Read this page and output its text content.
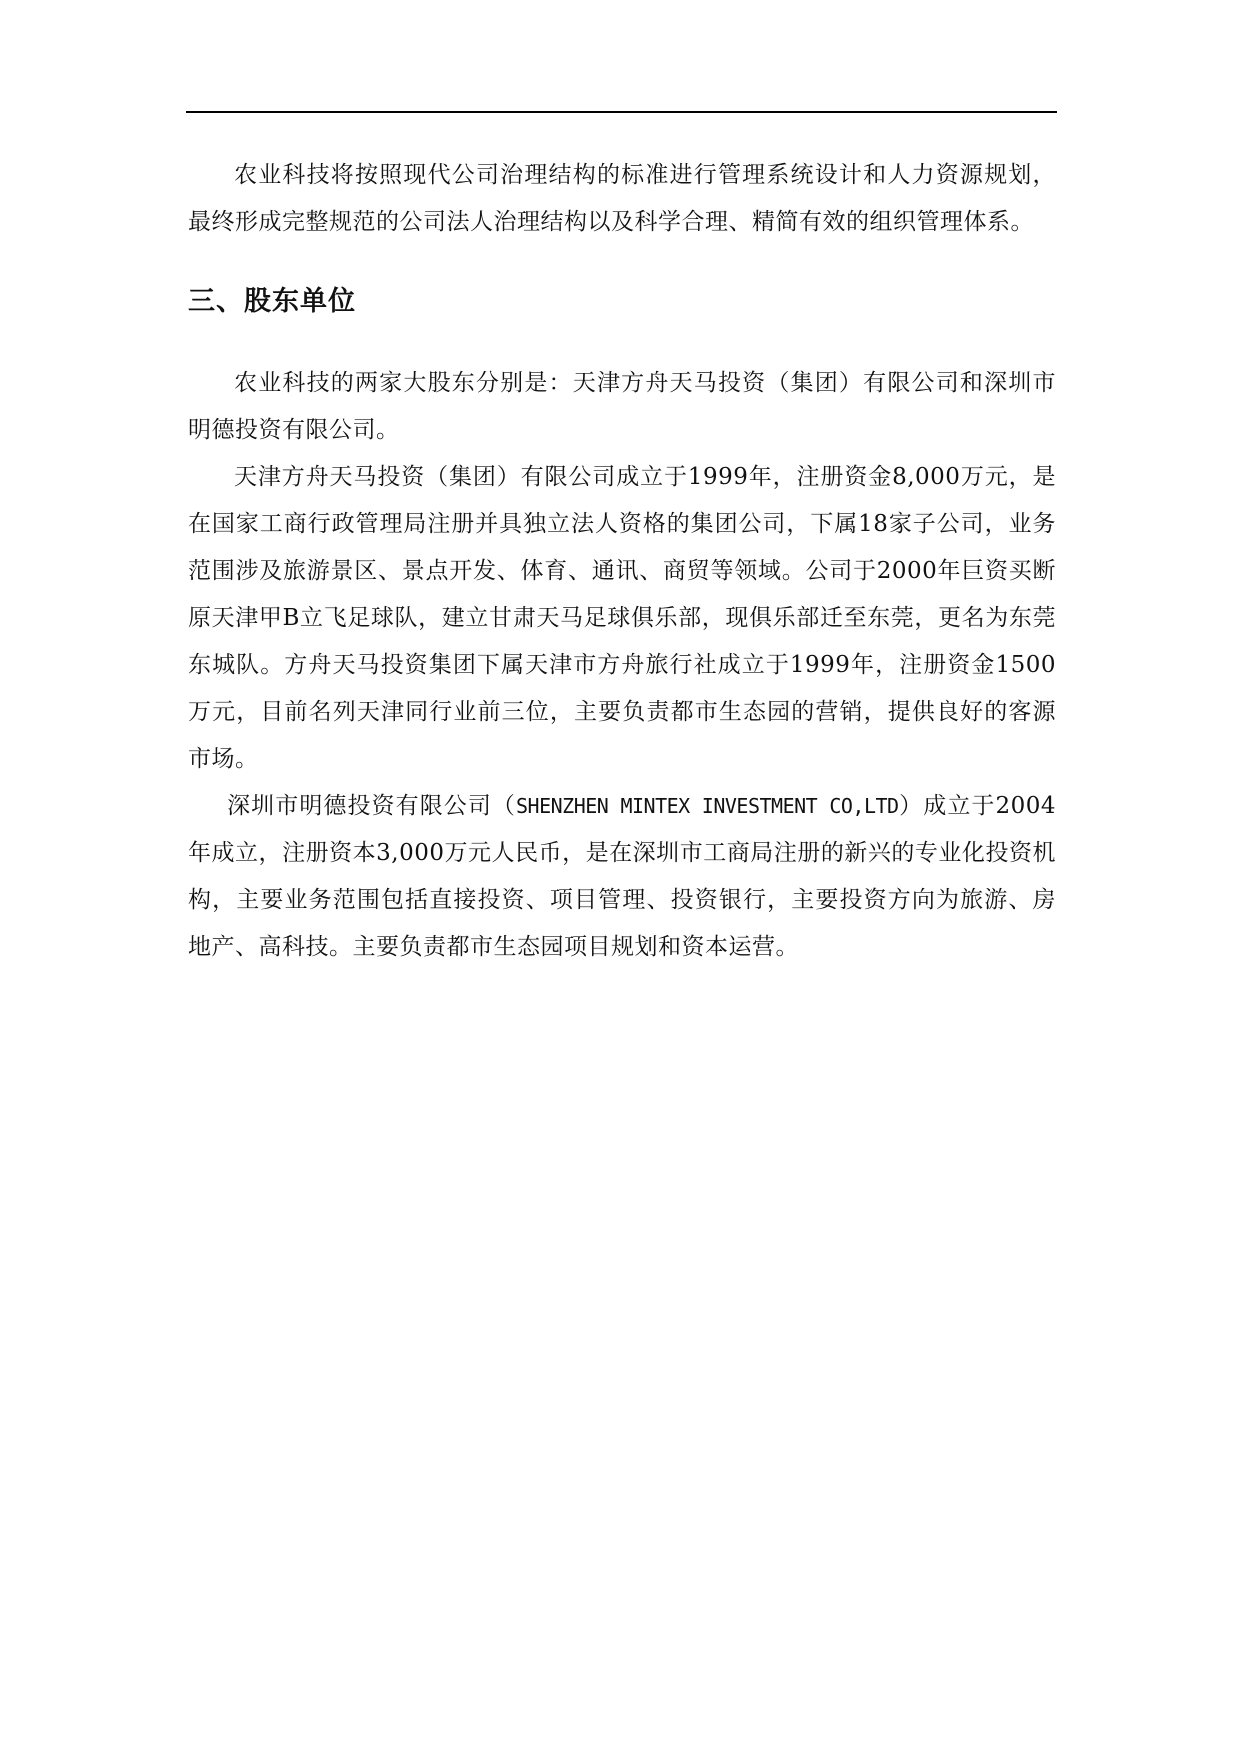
农业科技将按照现代公司治理结构的标准进行管理系统设计和人力资源规划，最终形成完整规范的公司法人治理结构以及科学合理、精简有效的组织管理体系。

三、股东单位

农业科技的两家大股东分别是：天津方舟天马投资（集团）有限公司和深圳市明德投资有限公司。

天津方舟天马投资（集团）有限公司成立于1999年，注册资金8,000万元，是在国家工商行政管理局注册并具独立法人资格的集团公司，下属18家子公司，业务范围涉及旅游景区、景点开发、体育、通讯、商贸等领域。公司于2000年巨资买断原天津甲B立飞足球队，建立甘肃天马足球俱乐部，现俱乐部迁至东莞，更名为东莞东城队。方舟天马投资集团下属天津市方舟旅行社成立于1999年，注册资金1500万元，目前名列天津同行业前三位，主要负责都市生态园的营销，提供良好的客源市场。

深圳市明德投资有限公司（SHENZHEN MINTEX INVESTMENT CO,LTD）成立于2004年成立，注册资本3,000万元人民币，是在深圳市工商局注册的新兴的专业化投资机构，主要业务范围包括直接投资、项目管理、投资银行，主要投资方向为旅游、房地产、高科技。主要负责都市生态园项目规划和资本运营。
